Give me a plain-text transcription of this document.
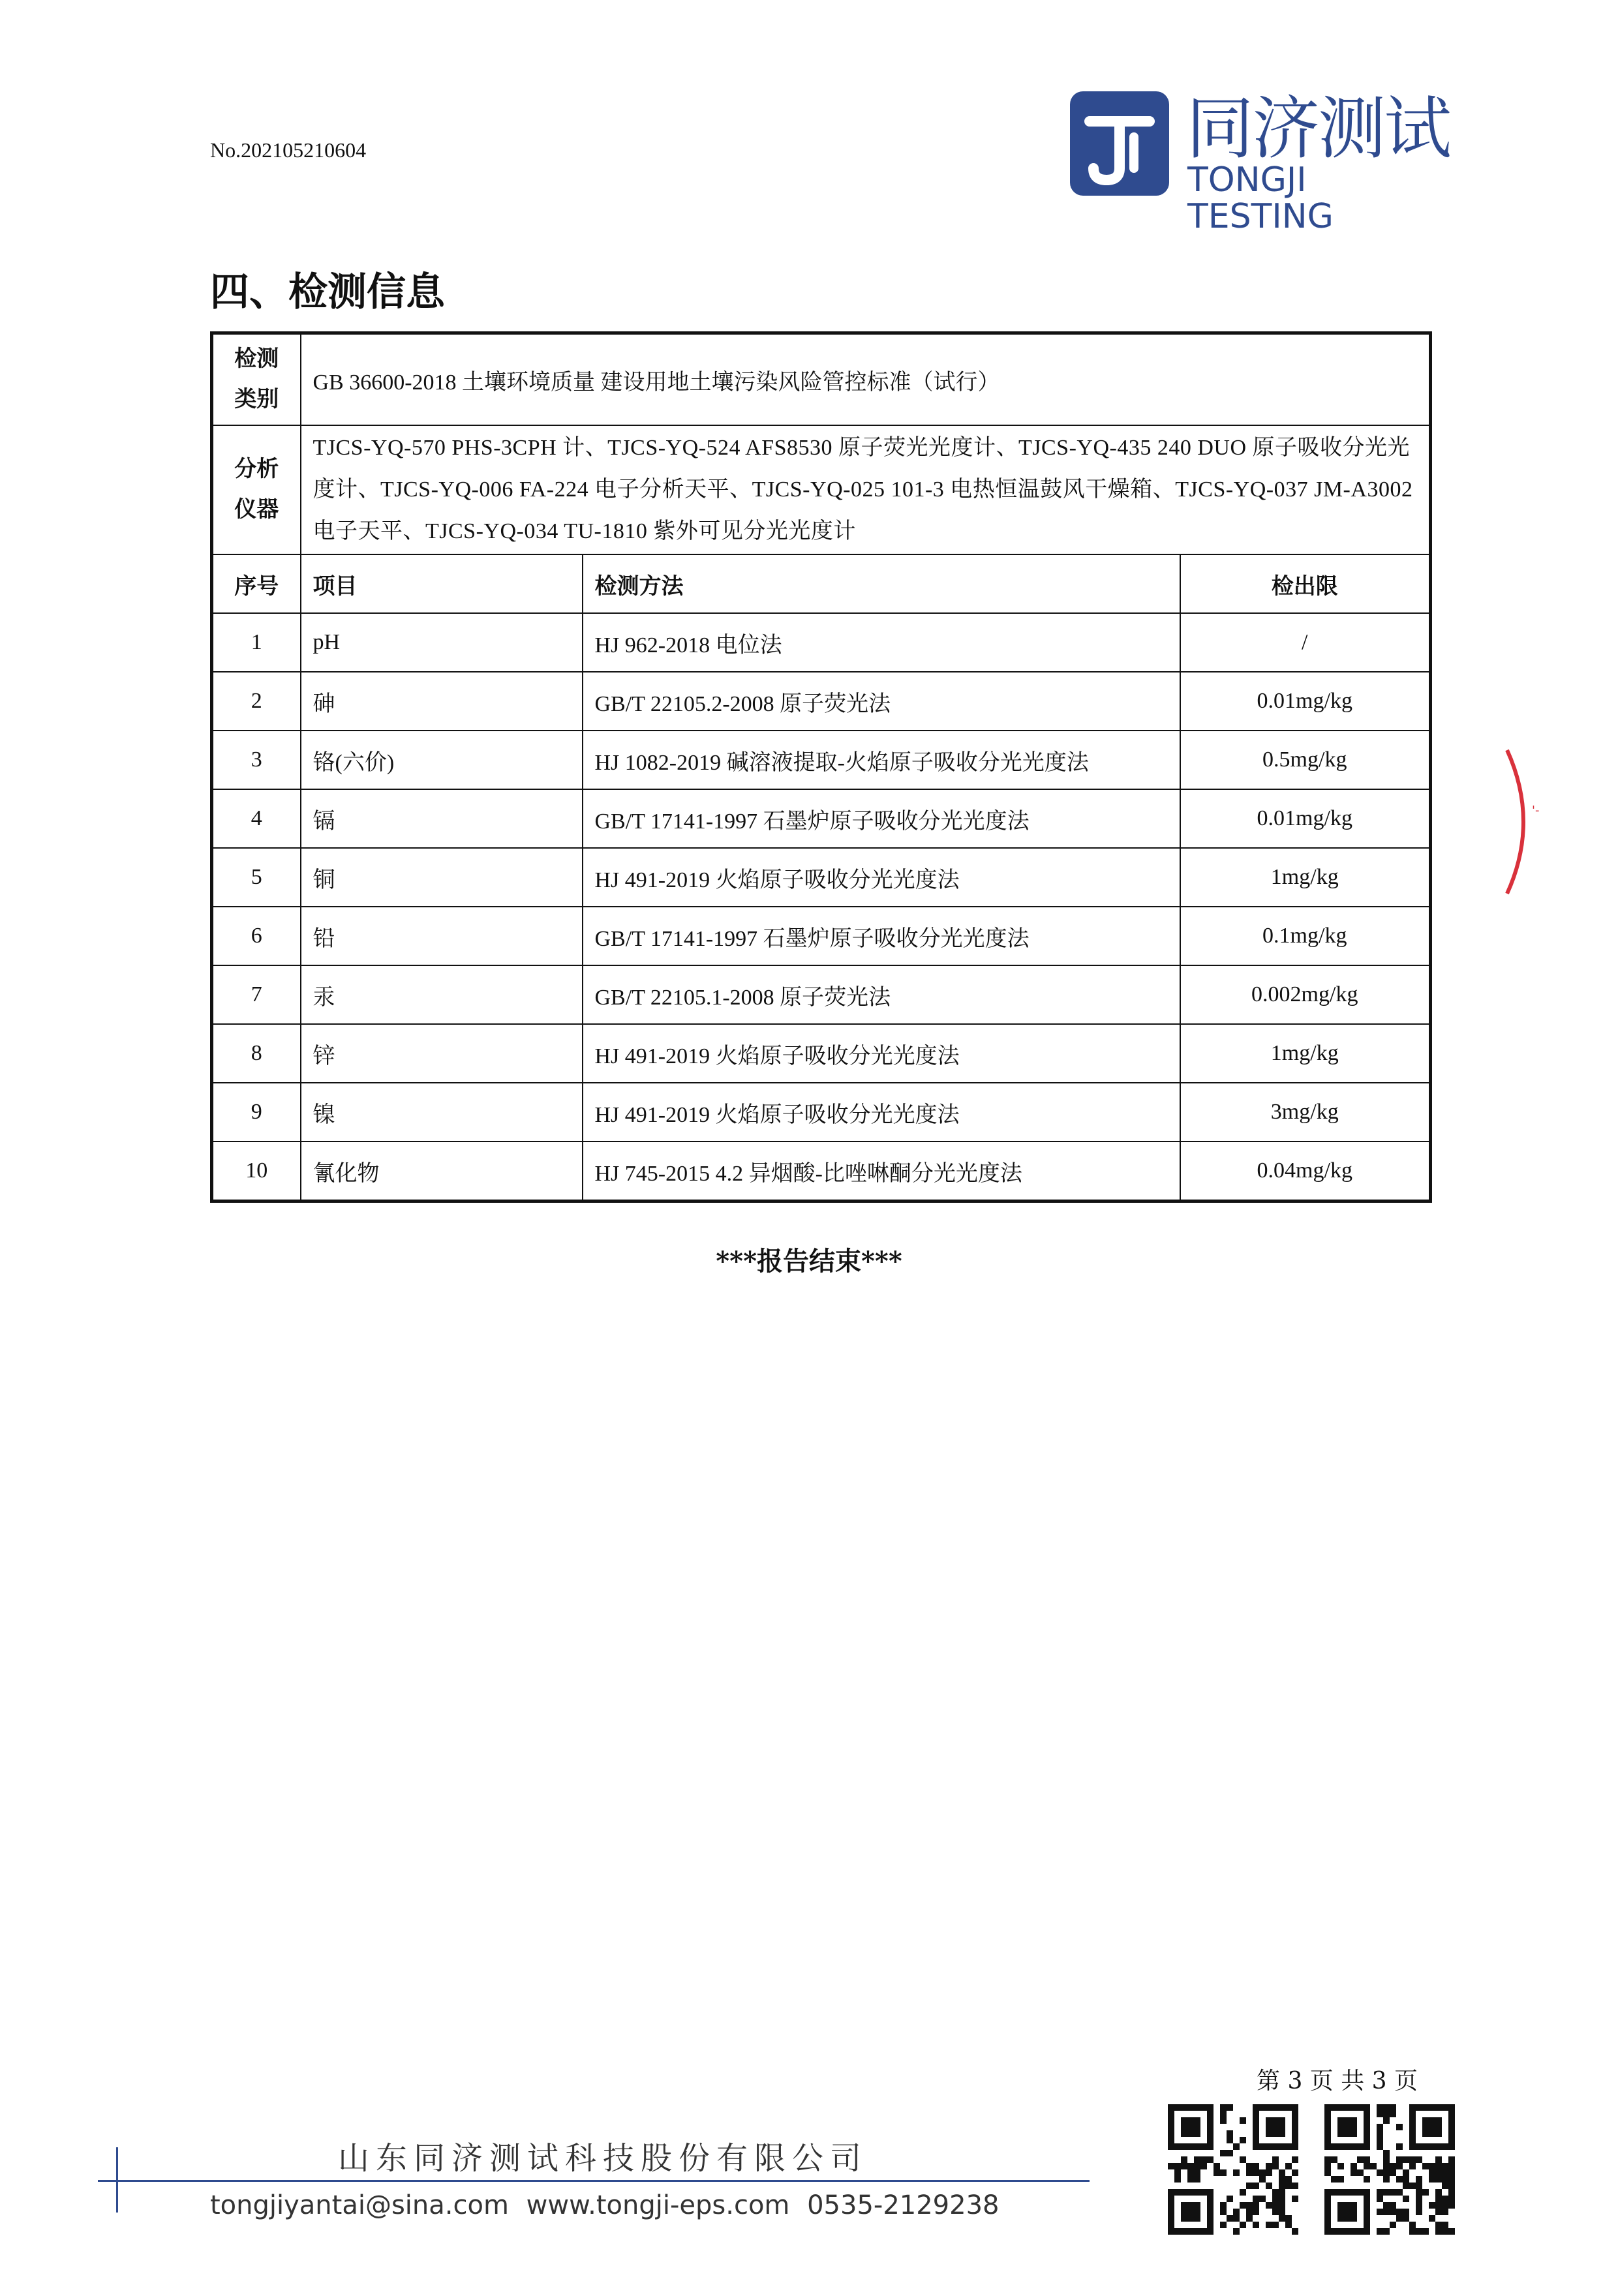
No.202105210604	同济测试
TONGJI TESTING
四、检测信息
检测类别	GB 36600-2018 土壤环境质量 建设用地土壤污染风险管控标准（试行）		
分析仪器	TJCS-YQ-570 PHS-3CPH 计、TJCS-YQ-524 AFS8530 原子荧光光度计、TJCS-YQ-435 240 DUO 原子吸收分光光度计、TJCS-YQ-006 FA-224 电子分析天平、TJCS-YQ-025 101-3 电热恒温鼓风干燥箱、TJCS-YQ-037 JM-A3002 电子天平、TJCS-YQ-034 TU-1810 紫外可见分光光度计		
序号	项目	检测方法	检出限
1	pH	HJ 962-2018 电位法	/
2	砷	GB/T 22105.2-2008 原子荧光法	0.01mg/kg
3	铬(六价)	HJ 1082-2019 碱溶液提取-火焰原子吸收分光光度法	0.5mg/kg
4	镉	GB/T 17141-1997 石墨炉原子吸收分光光度法	0.01mg/kg
5	铜	HJ 491-2019 火焰原子吸收分光光度法	1mg/kg
6	铅	GB/T 17141-1997 石墨炉原子吸收分光光度法	0.1mg/kg
7	汞	GB/T 22105.1-2008 原子荧光法	0.002mg/kg
8	锌	HJ 491-2019 火焰原子吸收分光光度法	1mg/kg
9	镍	HJ 491-2019 火焰原子吸收分光光度法	3mg/kg
10	氰化物	HJ 745-2015 4.2 异烟酸-比唑啉酮分光光度法	0.04mg/kg
***报告结束***
'-
第 3 页 共 3 页
山东同济测试科技股份有限公司
tongjiyantai@sina.com www.tongji-eps.com 0535-2129238
